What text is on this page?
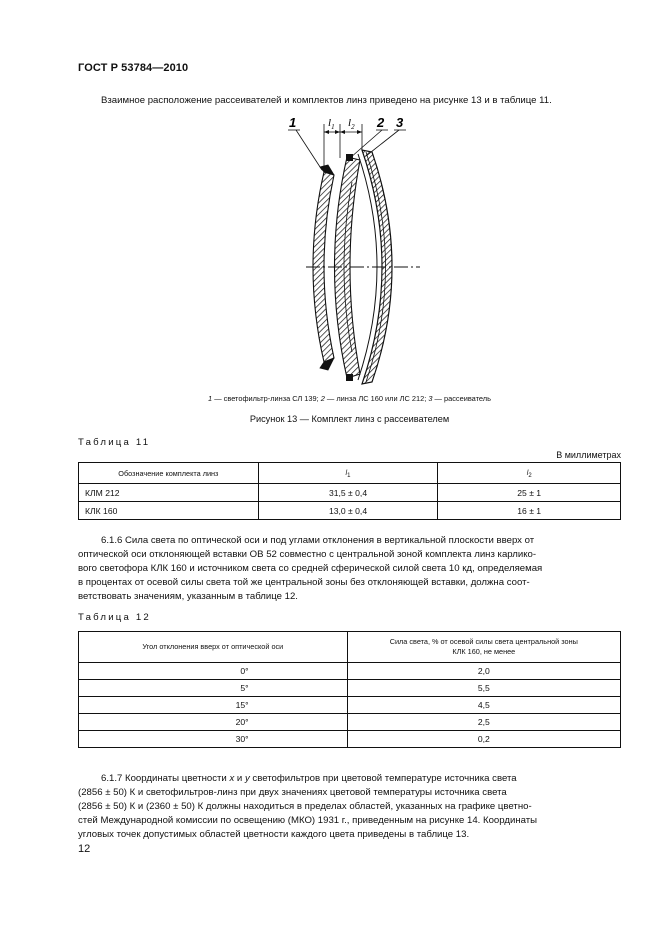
ГОСТ Р 53784—2010
Взаимное расположение рассеивателей и комплектов линз приведено на рисунке 13 и в таблице 11.
1	2 3
$l_1$ $l_2$
1 — светофильтр-линза СЛ 139; 2 — линза ЛС 160 или ЛС 212; 3 — рассеиватель
Рисунок 13 — Комплект линз с рассеивателем
Таблица 11
В миллиметрах
Обозначение комплекта линз	$l_1$	$l_2$
КЛМ 212	31,5 ± 0,4	25 ± 1
КЛК 160	13,0 ± 0,4	16 ± 1
6.1.6 Сила света по оптической оси и под углами отклонения в вертикальной плоскости вверх от
оптической оси отклоняющей вставки ОВ 52 совместно с центральной зоной комплекта линз карлико-
вого светофора КЛК 160 и источником света со средней сферической силой света 10 кд, определяемая
в процентах от осевой силы света той же центральной зоны без отклоняющей вставки, должна соот-
ветствовать значениям, указанным в таблице 12.
Таблица 12
Угол отклонения вверх от оптической оси	Сила света, % от осевой силы света центральной зоны
КЛК 160, не менее

0°	2,0
5°	5,5
15°	4,5
20°	2,5
30°	0,2
6.1.7 Координаты цветности x и y светофильтров при цветовой температуре источника света
(2856 ± 50) К и светофильтров-линз при двух значениях цветовой температуры источника света
(2856 ± 50) К и (2360 ± 50) К должны находиться в пределах областей, указанных на графике цветно-
стей Международной комиссии по освещению (МКО) 1931 г., приведенным на рисунке 14. Координаты
угловых точек допустимых областей цветности каждого цвета приведены в таблице 13.
12
